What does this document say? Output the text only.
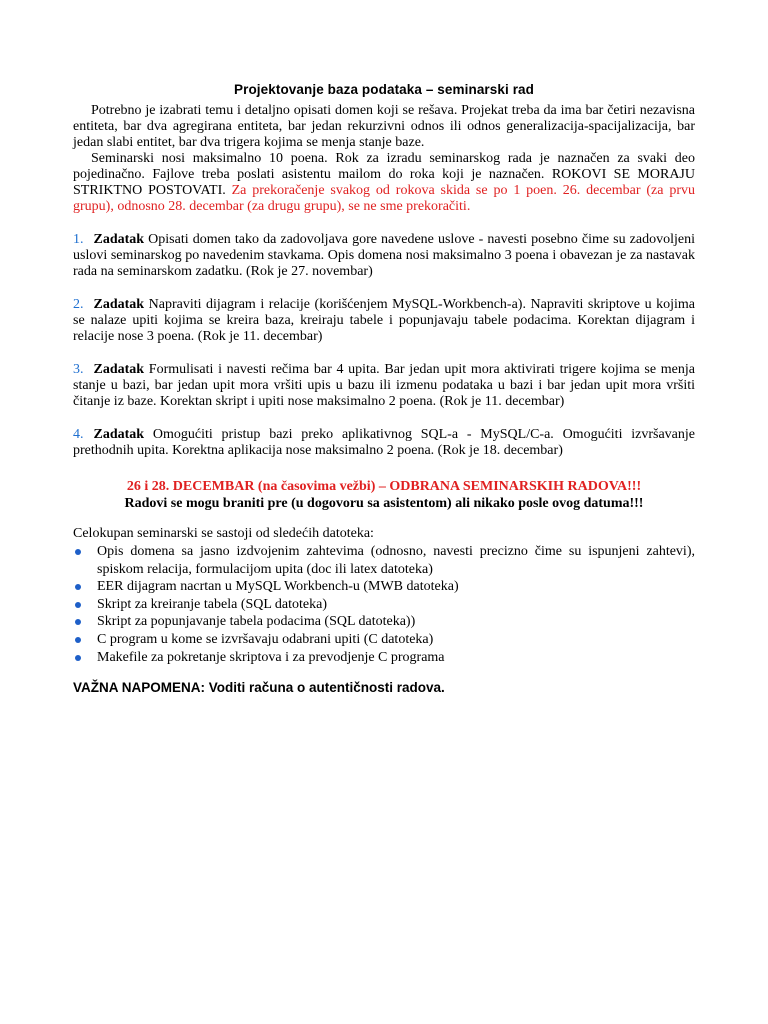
Projektovanje baza podataka – seminarski rad

Potrebno je izabrati temu i detaljno opisati domen koji se rešava. Projekat treba da ima bar četiri nezavisna entiteta, bar dva agregirana entiteta, bar jedan rekurzivni odnos ili odnos generalizacija-spacijalizacija, bar jedan slabi entitet, bar dva trigera kojima se menja stanje baze.

Seminarski nosi maksimalno 10 poena. Rok za izradu seminarskog rada je naznačen za svaki deo pojedinačno. Fajlove treba poslati asistentu mailom do roka koji je naznačen. ROKOVI SE MORAJU STRIKTNO POSTOVATI. Za prekoračenje svakog od rokova skida se po 1 poen. 26. decembar (za prvu grupu), odnosno 28. decembar (za drugu grupu), se ne sme prekoračiti.

1. Zadatak Opisati domen tako da zadovoljava gore navedene uslove - navesti posebno čime su zadovoljeni uslovi seminarskog po navedenim stavkama. Opis domena nosi maksimalno 3 poena i obavezan je za nastavak rada na seminarskom zadatku. (Rok je 27. novembar)

2. Zadatak Napraviti dijagram i relacije (korišćenjem MySQL-Workbench-a). Napraviti skriptove u kojima se nalaze upiti kojima se kreira baza, kreiraju tabele i popunjavaju tabele podacima. Korektan dijagram i relacije nose 3 poena. (Rok je 11. decembar)

3. Zadatak Formulisati i navesti rečima bar 4 upita. Bar jedan upit mora aktivirati trigere kojima se menja stanje u bazi, bar jedan upit mora vršiti upis u bazu ili izmenu podataka u bazi i bar jedan upit mora vršiti čitanje iz baze. Korektan skript i upiti nose maksimalno 2 poena. (Rok je 11. decembar)

4. Zadatak Omogućiti pristup bazi preko aplikativnog SQL-a - MySQL/C-a. Omogućiti izvršavanje prethodnih upita. Korektna aplikacija nose maksimalno 2 poena. (Rok je 18. decembar)

26 i 28. DECEMBAR (na časovima vežbi) – ODBRANA SEMINARSKIH RADOVA!!!
Radovi se mogu braniti pre (u dogovoru sa asistentom) ali nikako posle ovog datuma!!!
Celokupan seminarski se sastoji od sledećih datoteka:
Opis domena sa jasno izdvojenim zahtevima (odnosno, navesti precizno čime su ispunjeni zahtevi), spiskom relacija, formulacijom upita (doc ili latex datoteka)
EER dijagram nacrtan u MySQL Workbench-u (MWB datoteka)
Skript za kreiranje tabela (SQL datoteka)
Skript za popunjavanje tabela podacima (SQL datoteka))
C program u kome se izvršavaju odabrani upiti (C datoteka)
Makefile za pokretanje skriptova i za prevodjenje C programa
VAŽNA NAPOMENA: Voditi računa o autentičnosti radova.
